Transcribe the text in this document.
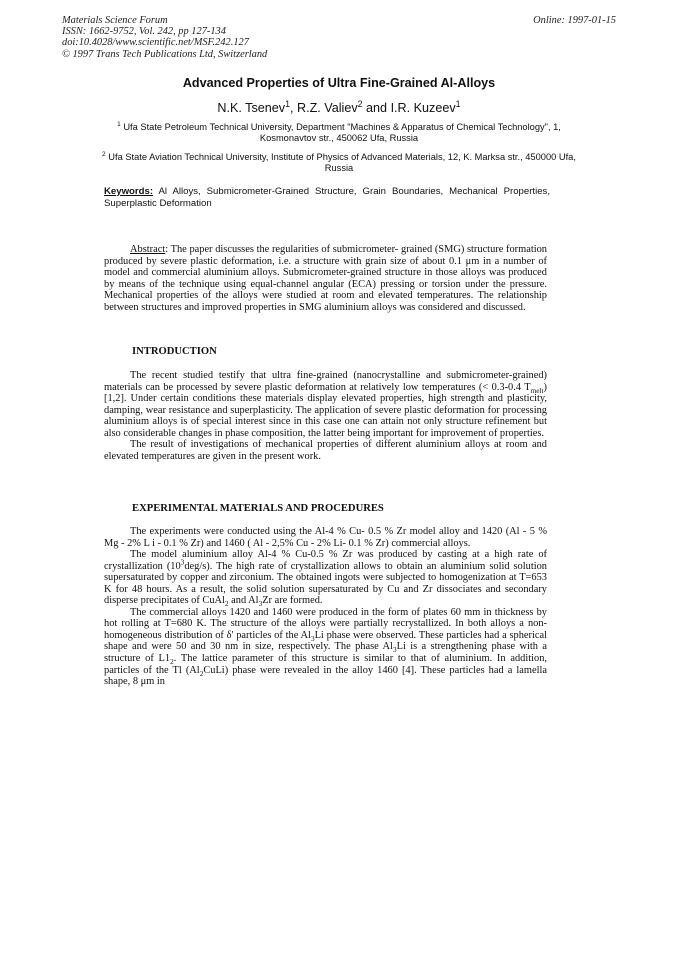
Materials Science Forum
ISSN: 1662-9752, Vol. 242, pp 127-134
doi:10.4028/www.scientific.net/MSF.242.127
© 1997 Trans Tech Publications Ltd, Switzerland
Online: 1997-01-15
Advanced Properties of Ultra Fine-Grained Al-Alloys
N.K. Tsenev$^1$, R.Z. Valiev$^2$ and I.R. Kuzeev$^1$
$^1$ Ufa State Petroleum Technical University, Department "Machines & Apparatus of Chemical Technology", 1, Kosmonavtov str., 450062 Ufa, Russia
$^2$ Ufa State Aviation Technical University, Institute of Physics of Advanced Materials, 12, K. Marksa str., 450000 Ufa, Russia
Keywords: Al Alloys, Submicrometer-Grained Structure, Grain Boundaries, Mechanical Properties, Superplastic Deformation

Abstract: The paper discusses the regularities of submicrometer- grained (SMG) structure formation produced by severe plastic deformation, i.e. a structure with grain size of about 0.1 μm in a number of model and commercial aluminium alloys. Submicrometer-grained structure in those alloys was produced by means of the technique using equal-channel angular (ECA) pressing or torsion under the pressure. Mechanical properties of the alloys were studied at room and elevated temperatures. The relationship between structures and improved properties in SMG aluminium alloys was considered and discussed.

INTRODUCTION

The recent studied testify that ultra fine-grained (nanocrystalline and submicrometer-grained) materials can be processed by severe plastic deformation at relatively low temperatures (< 0.3-0.4 $T_{melt}$) [1,2]. Under certain conditions these materials display elevated properties, high strength and plasticity, damping, wear resistance and superplasticity. The application of severe plastic deformation for processing aluminium alloys is of special interest since in this case one can attain not only structure refinement but also considerable changes in phase composition, the latter being important for improvement of properties.

The result of investigations of mechanical properties of different aluminium alloys at room and elevated temperatures are given in the present work.

EXPERIMENTAL MATERIALS AND PROCEDURES

The experiments were conducted using the Al-4 % Cu- 0.5 % Zr model alloy and 1420 (Al - 5 % Mg - 2% L i - 0.1 % Zr) and 1460 ( Al - 2,5% Cu - 2% Li- 0.1 % Zr) commercial alloys.

The model aluminium alloy Al-4 % Cu-0.5 % Zr was produced by casting at a high rate of crystallization $(10^3deg/s)$. The high rate of crystallization allows to obtain an aluminium solid solution supersaturated by copper and zirconium. The obtained ingots were subjected to homogenization at T=653 K for 48 hours. As a result, the solid solution supersaturated by Cu and Zr dissociates and secondary disperse precipitates of CuAl$_2$ and $Al_3Zr$ are formed.

The commercial alloys 1420 and 1460 were produced in the form of plates 60 mm in thickness by hot rolling at T=680 K. The structure of the alloys were partially recrystallized. In both alloys a non-homogeneous distribution of δ' particles of the $Al_3Li$ phase were observed. These particles had a spherical shape and were 50 and 30 nm in size, respectively. The phase $Al_3Li$ is a strengthening phase with a structure of $L1_2$. The lattice parameter of this structure is similar to that of aluminium. In addition, particles of the Tl $(Al_2CuLi)$ phase were revealed in the alloy 1460 [4]. These particles had a lamella shape, 8 μm in
